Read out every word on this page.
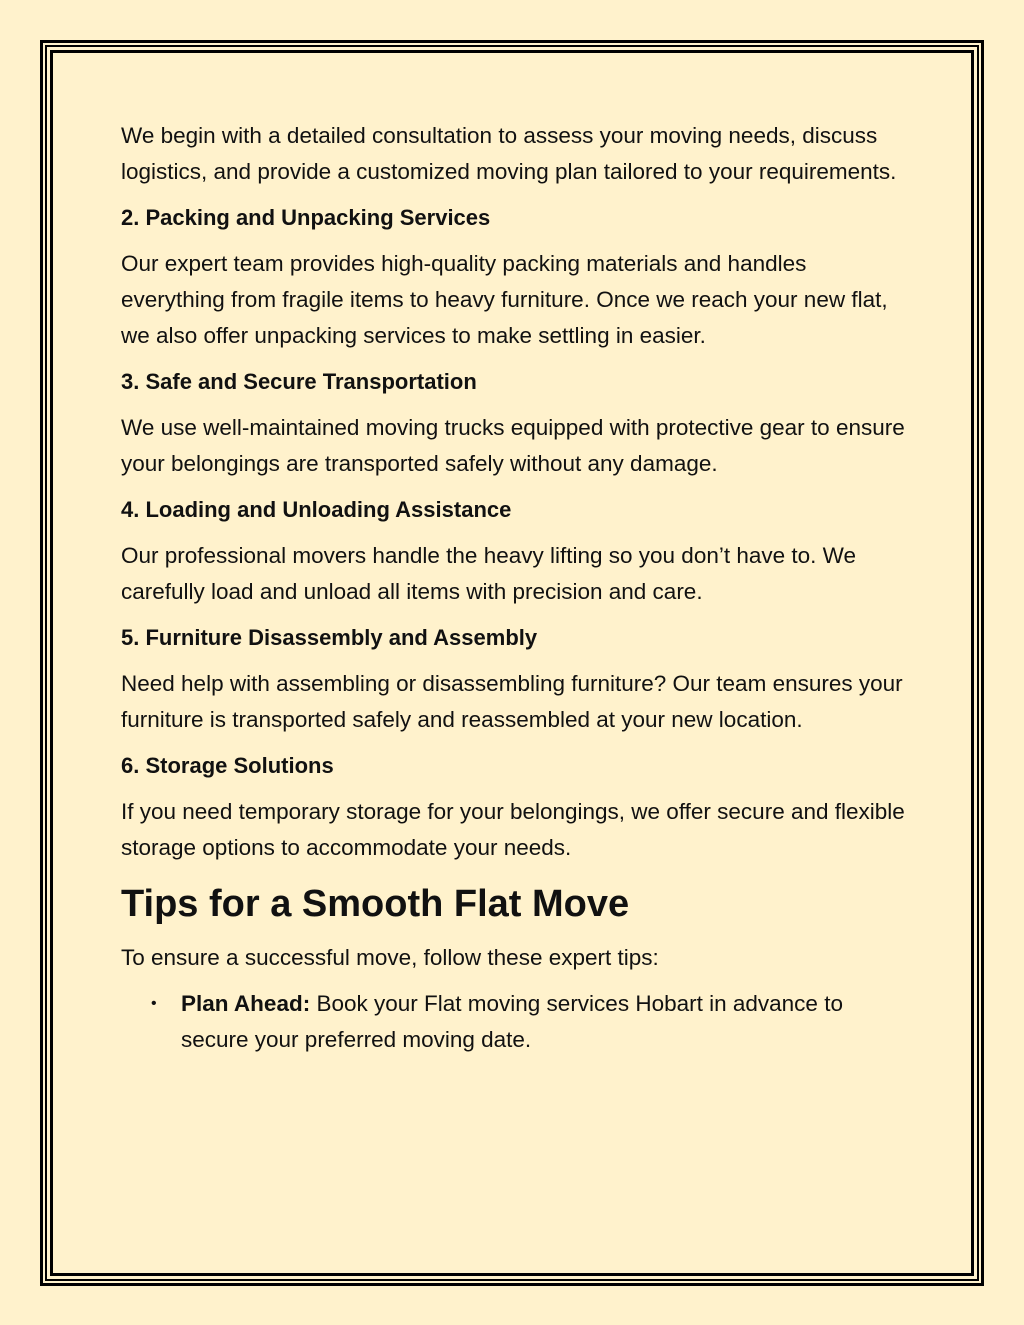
We begin with a detailed consultation to assess your moving needs, discuss logistics, and provide a customized moving plan tailored to your requirements.

2. Packing and Unpacking Services

Our expert team provides high-quality packing materials and handles everything from fragile items to heavy furniture. Once we reach your new flat, we also offer unpacking services to make settling in easier.

3. Safe and Secure Transportation

We use well-maintained moving trucks equipped with protective gear to ensure your belongings are transported safely without any damage.

4. Loading and Unloading Assistance

Our professional movers handle the heavy lifting so you don’t have to. We carefully load and unload all items with precision and care.

5. Furniture Disassembly and Assembly

Need help with assembling or disassembling furniture? Our team ensures your furniture is transported safely and reassembled at your new location.

6. Storage Solutions

If you need temporary storage for your belongings, we offer secure and flexible storage options to accommodate your needs.

Tips for a Smooth Flat Move

To ensure a successful move, follow these expert tips:

• Plan Ahead: Book your Flat moving services Hobart in advance to secure your preferred moving date.
